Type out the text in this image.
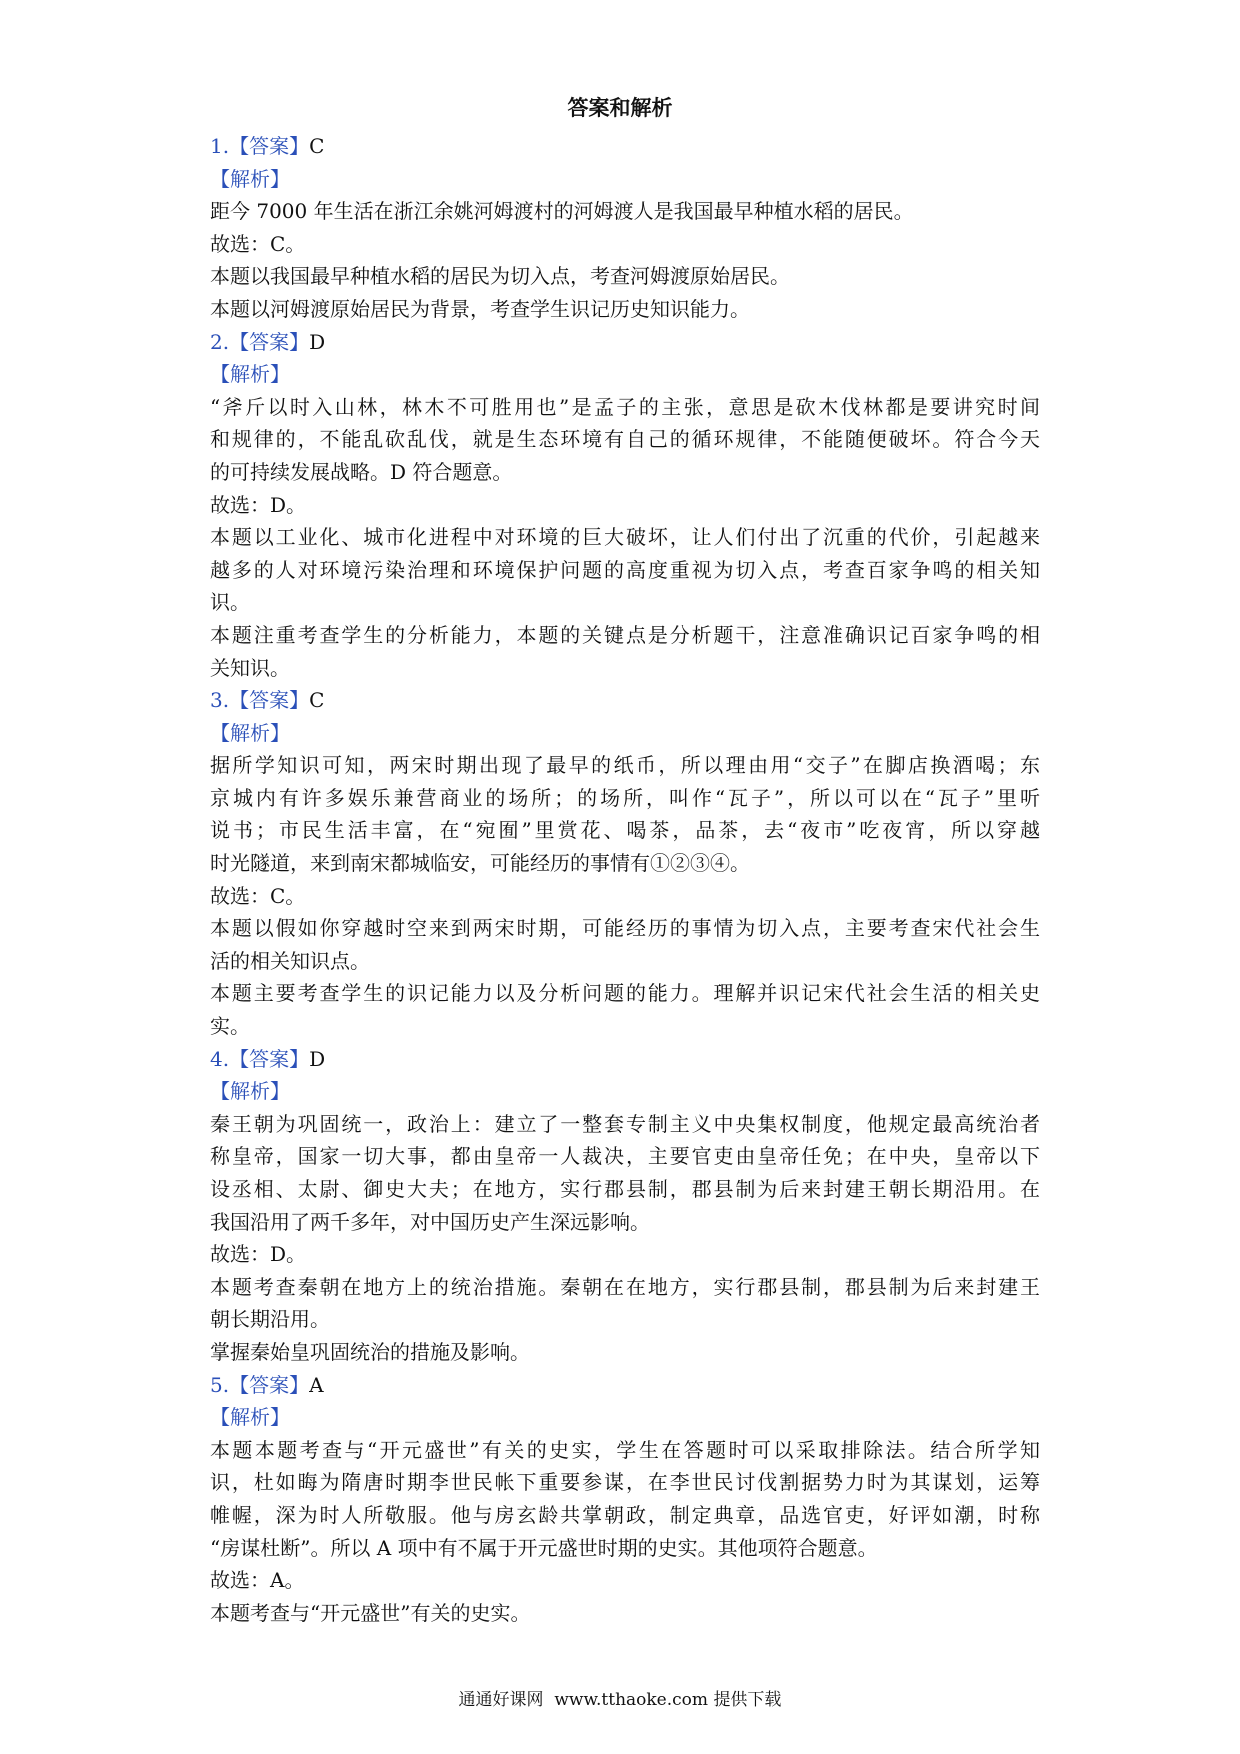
答案和解析

1.【答案】C

【解析】

距今 7000 年生活在浙江余姚河姆渡村的河姆渡人是我国最早种植水稻的居民。

故选：C。

本题以我国最早种植水稻的居民为切入点，考查河姆渡原始居民。

本题以河姆渡原始居民为背景，考查学生识记历史知识能力。

2.【答案】D

【解析】

“斧斤以时入山林，林木不可胜用也”是孟子的主张，意思是砍木伐林都是要讲究时间

和规律的，不能乱砍乱伐，就是生态环境有自己的循环规律，不能随便破坏。符合今天

的可持续发展战略。D 符合题意。

故选：D。

本题以工业化、城市化进程中对环境的巨大破坏，让人们付出了沉重的代价，引起越来

越多的人对环境污染治理和环境保护问题的高度重视为切入点，考查百家争鸣的相关知

识。

本题注重考查学生的分析能力，本题的关键点是分析题干，注意准确识记百家争鸣的相

关知识。

3.【答案】C

【解析】

据所学知识可知，两宋时期出现了最早的纸币，所以理由用“交子”在脚店换酒喝；东

京城内有许多娱乐兼营商业的场所；的场所，叫作“瓦子”，所以可以在“瓦子”里听

说书；市民生活丰富，在“宛囿”里赏花、喝茶，品茶，去“夜市”吃夜宵，所以穿越

时光隧道，来到南宋都城临安，可能经历的事情有①②③④。

故选：C。

本题以假如你穿越时空来到两宋时期，可能经历的事情为切入点，主要考查宋代社会生

活的相关知识点。

本题主要考查学生的识记能力以及分析问题的能力。理解并识记宋代社会生活的相关史

实。

4.【答案】D

【解析】

秦王朝为巩固统一，政治上：建立了一整套专制主义中央集权制度，他规定最高统治者

称皇帝，国家一切大事，都由皇帝一人裁决，主要官吏由皇帝任免；在中央，皇帝以下

设丞相、太尉、御史大夫；在地方，实行郡县制，郡县制为后来封建王朝长期沿用。在

我国沿用了两千多年，对中国历史产生深远影响。

故选：D。

本题考查秦朝在地方上的统治措施。秦朝在在地方，实行郡县制，郡县制为后来封建王

朝长期沿用。

掌握秦始皇巩固统治的措施及影响。

5.【答案】A

【解析】

本题本题考查与“开元盛世”有关的史实，学生在答题时可以采取排除法。结合所学知

识，杜如晦为隋唐时期李世民帐下重要参谋，在李世民讨伐割据势力时为其谋划，运筹

帷幄，深为时人所敬服。他与房玄龄共掌朝政，制定典章，品选官吏，好评如潮，时称

“房谋杜断”。所以 A 项中有不属于开元盛世时期的史实。其他项符合题意。

故选：A。

本题考查与“开元盛世”有关的史实。

通通好课网 www.tthaoke.com 提供下载
